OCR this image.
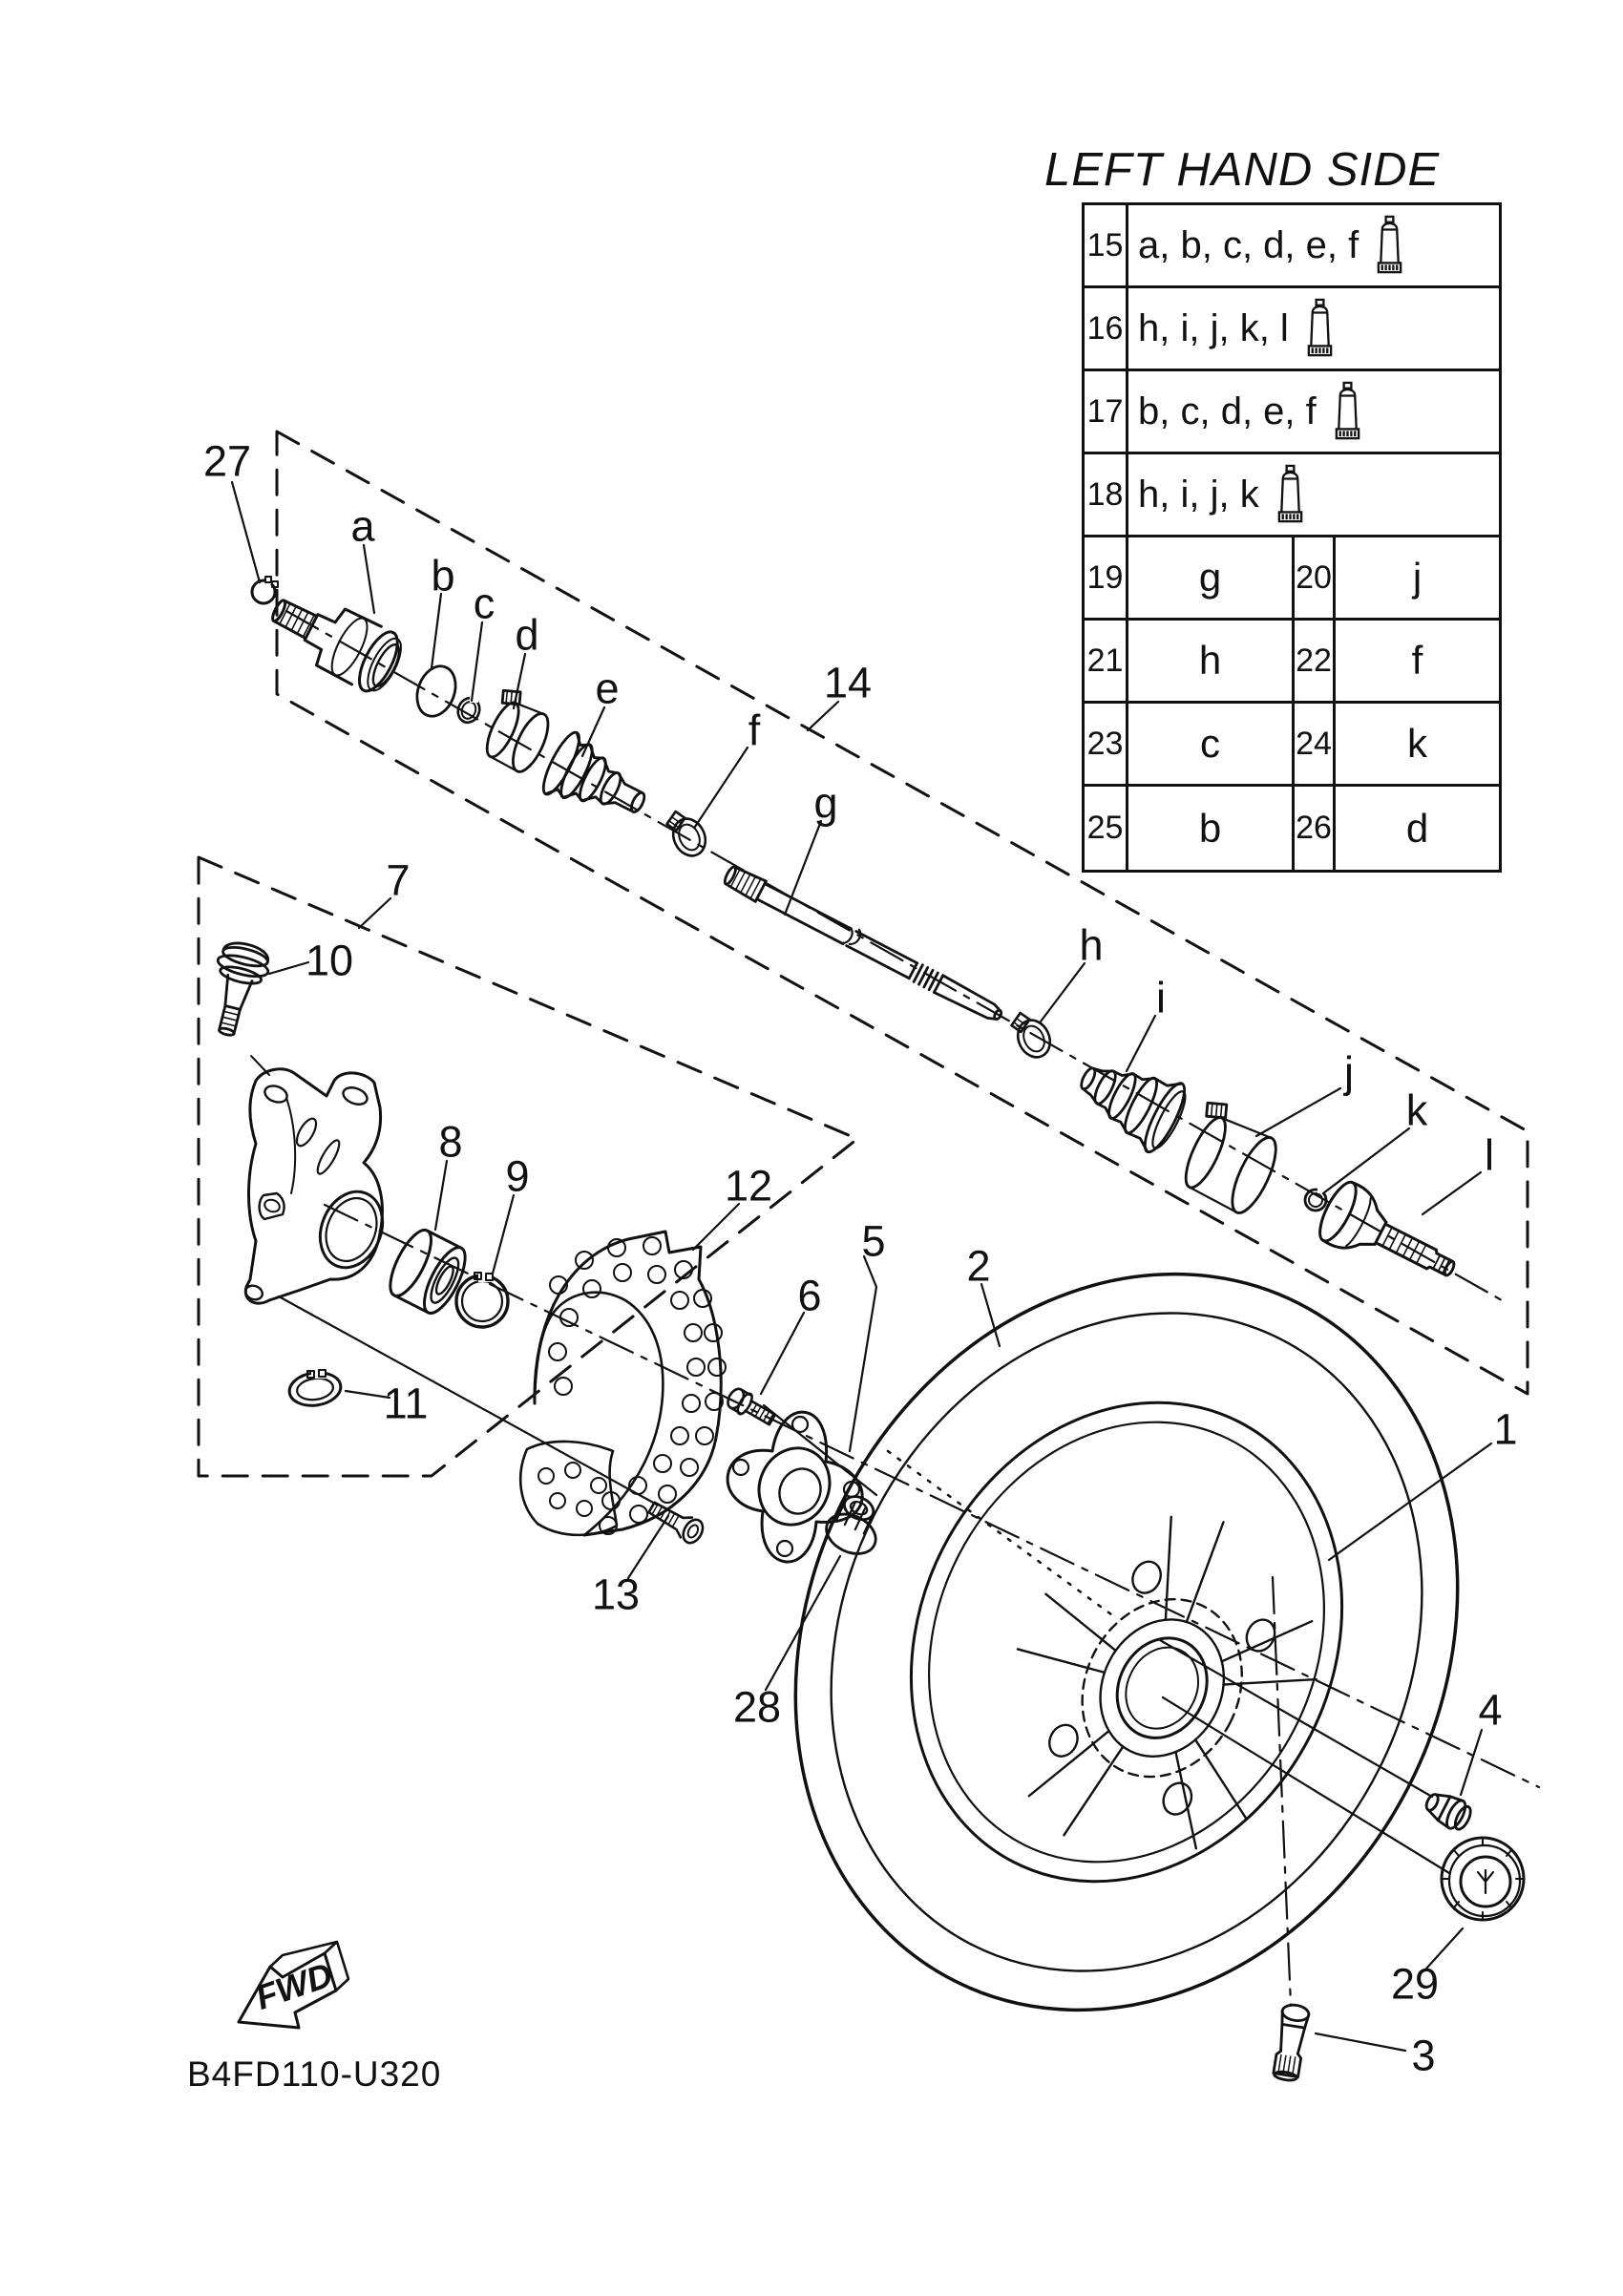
LEFT HAND SIDE
15 a, b, c, d, e, f
16 h, i, j, k, l
17 b, c, d, e, f
18 h, i, j, k
19	g	20	j
21	h	22	f
23	c	24	k
25	b	26	d
FWD
27
a
b
c
d
e
f
14
g
h
i
j
k
l
7
10
8
9
11
12
5
6
13
28
2
1
4
29
3
B4FD110-U320
